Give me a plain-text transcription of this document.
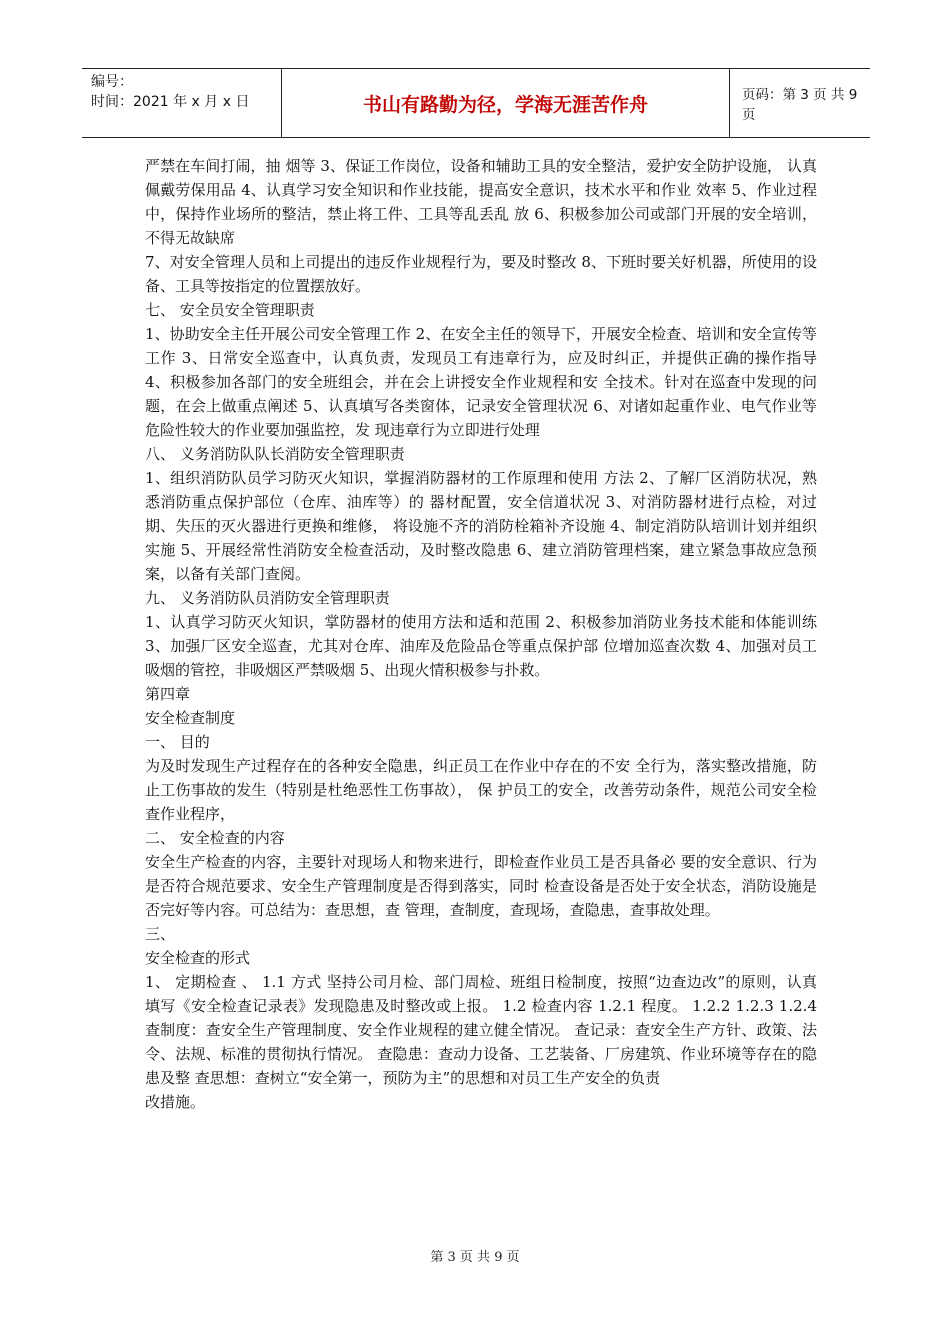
编号：
时间：2021 年 x 月 x 日	书山有路勤为径，学海无涯苦作舟	页码：第 3 页 共 9 页

严禁在车间打闹，抽 烟等 3、保证工作岗位，设备和辅助工具的安全整洁，爱护安全防护设施， 认真佩戴劳保用品 4、认真学习安全知识和作业技能，提高安全意识，技术水平和作业 效率 5、作业过程中，保持作业场所的整洁，禁止将工件、工具等乱丢乱 放 6、积极参加公司或部门开展的安全培训，不得无故缺席

7、对安全管理人员和上司提出的违反作业规程行为，要及时整改 8、下班时要关好机器，所使用的设备、工具等按指定的位置摆放好。

七、 安全员安全管理职责

1、协助安全主任开展公司安全管理工作 2、在安全主任的领导下，开展安全检查、培训和安全宣传等工作 3、日常安全巡查中，认真负责，发现员工有违章行为，应及时纠正，并提供正确的操作指导 4、积极参加各部门的安全班组会，并在会上讲授安全作业规程和安 全技术。针对在巡查中发现的问题，在会上做重点阐述 5、认真填写各类窗体，记录安全管理状况 6、对诸如起重作业、电气作业等危险性较大的作业要加强监控，发 现违章行为立即进行处理

八、 义务消防队队长消防安全管理职责

1、组织消防队员学习防灭火知识，掌握消防器材的工作原理和使用 方法 2、了解厂区消防状况，熟悉消防重点保护部位（仓库、油库等）的 器材配置，安全信道状况 3、对消防器材进行点检，对过期、失压的灭火器进行更换和维修， 将设施不齐的消防栓箱补齐设施 4、制定消防队培训计划并组织实施 5、开展经常性消防安全检查活动，及时整改隐患 6、建立消防管理档案，建立紧急事故应急预案，以备有关部门查阅。

九、 义务消防队员消防安全管理职责

1、认真学习防灭火知识，掌防器材的使用方法和适和范围 2、积极参加消防业务技术能和体能训练 3、加强厂区安全巡查，尤其对仓库、油库及危险品仓等重点保护部 位增加巡查次数 4、加强对员工吸烟的管控，非吸烟区严禁吸烟 5、出现火情积极参与扑救。

第四章

安全检查制度

一、 目的

为及时发现生产过程存在的各种安全隐患，纠正员工在作业中存在的不安 全行为，落实整改措施，防止工伤事故的发生（特别是杜绝恶性工伤事故）， 保 护员工的安全，改善劳动条件，规范公司安全检查作业程序，

二、 安全检查的内容

安全生产检查的内容，主要针对现场人和物来进行，即检查作业员工是否具备必 要的安全意识、行为是否符合规范要求、安全生产管理制度是否得到落实，同时 检查设备是否处于安全状态，消防设施是否完好等内容。可总结为：查思想，查 管理，查制度，查现场，查隐患，查事故处理。

三、

安全检查的形式

1、 定期检查 、 1.1 方式 坚持公司月检、部门周检、班组日检制度，按照“边查边改”的原则，认真 填写《安全检查记录表》发现隐患及时整改或上报。 1.2 检查内容 1.2.1 程度。 1.2.2 1.2.3 1.2.4 查制度：查安全生产管理制度、安全作业规程的建立健全情况。 查记录：查安全生产方针、政策、法令、法规、标准的贯彻执行情况。 查隐患：查动力设备、工艺装备、厂房建筑、作业环境等存在的隐患及整 查思想：查树立“安全第一，预防为主”的思想和对员工生产安全的负责

改措施。

第 3 页 共 9 页
